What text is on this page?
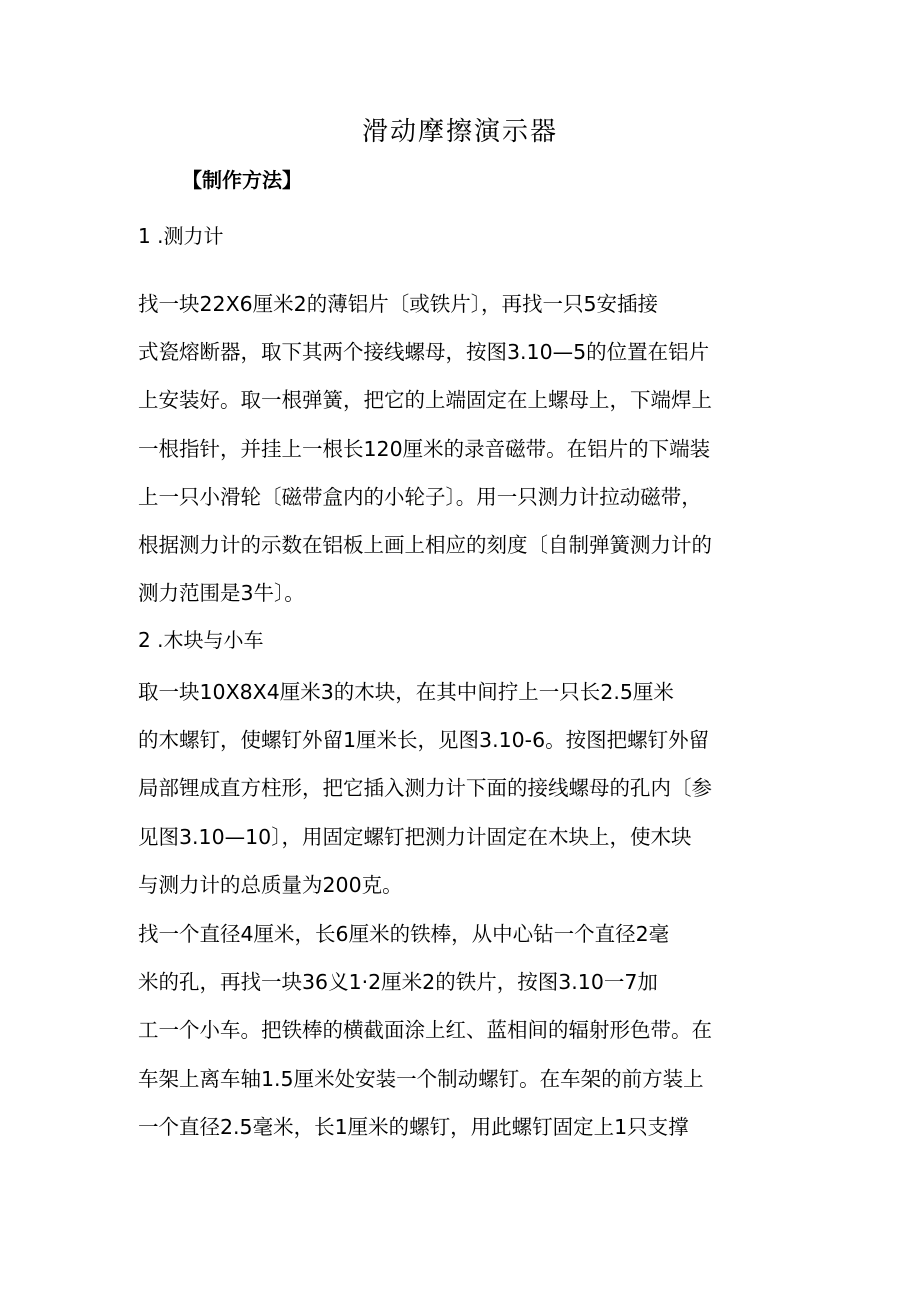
滑动摩擦演示器
【制作方法】
1 .测力计
找一块22X6厘米2的薄铝片〔或铁片〕，再找一只5安插接
式瓷熔断器，取下其两个接线螺母，按图3.10—5的位置在铝片
上安装好。取一根弹簧，把它的上端固定在上螺母上，下端焊上
一根指针，并挂上一根长120厘米的录音磁带。在铝片的下端装
上一只小滑轮〔磁带盒内的小轮子〕。用一只测力计拉动磁带，
根据测力计的示数在铝板上画上相应的刻度〔自制弹簧测力计的
测力范围是3牛〕。
2 .木块与小车
取一块10X8X4厘米3的木块，在其中间拧上一只长2.5厘米
的木螺钉，使螺钉外留1厘米长，见图3.10-6。按图把螺钉外留
局部锂成直方柱形，把它插入测力计下面的接线螺母的孔内〔参
见图3.10—10〕，用固定螺钉把测力计固定在木块上，使木块
与测力计的总质量为200克。
找一个直径4厘米，长6厘米的铁棒，从中心钻一个直径2毫
米的孔，再找一块36义1·2厘米2的铁片，按图3.10一7加
工一个小车。把铁棒的横截面涂上红、蓝相间的辐射形色带。在
车架上离车轴1.5厘米处安装一个制动螺钉。在车架的前方装上
一个直径2.5毫米，长1厘米的螺钉，用此螺钉固定上1只支撑
